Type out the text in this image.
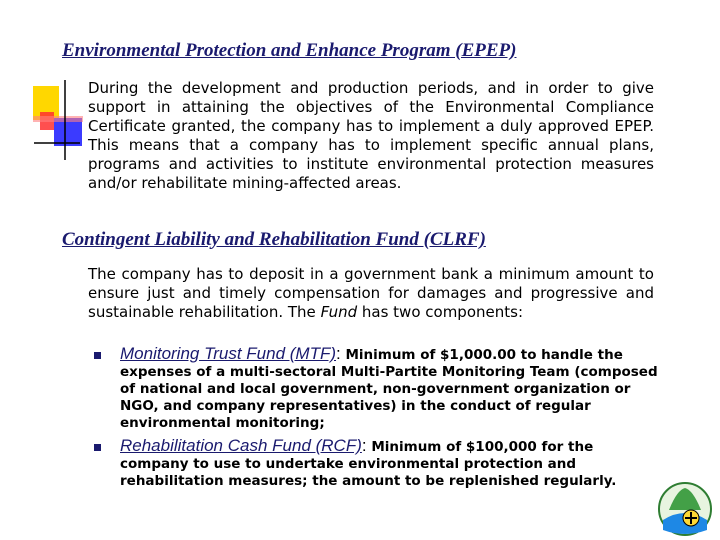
Environmental Protection and Enhance Program (EPEP)
During the development and production periods, and in order to give support in attaining the objectives of the Environmental Compliance Certificate granted, the company has to implement a duly approved EPEP. This means that a company has to implement specific annual plans, programs and activities to institute environmental protection measures and/or rehabilitate mining-affected areas.
Contingent Liability and Rehabilitation Fund (CLRF)
The company has to deposit in a government bank a minimum amount to ensure just and timely compensation for damages and progressive and sustainable rehabilitation. The Fund has two components:
Monitoring Trust Fund (MTF): Minimum of $1,000.00 to handle the expenses of a multi-sectoral Multi-Partite Monitoring Team (composed of national and local government, non-government organization or NGO, and company representatives) in the conduct of regular environmental monitoring;
Rehabilitation Cash Fund (RCF): Minimum of $100,000 for the company to use to undertake environmental protection and rehabilitation measures; the amount to be replenished regularly.
